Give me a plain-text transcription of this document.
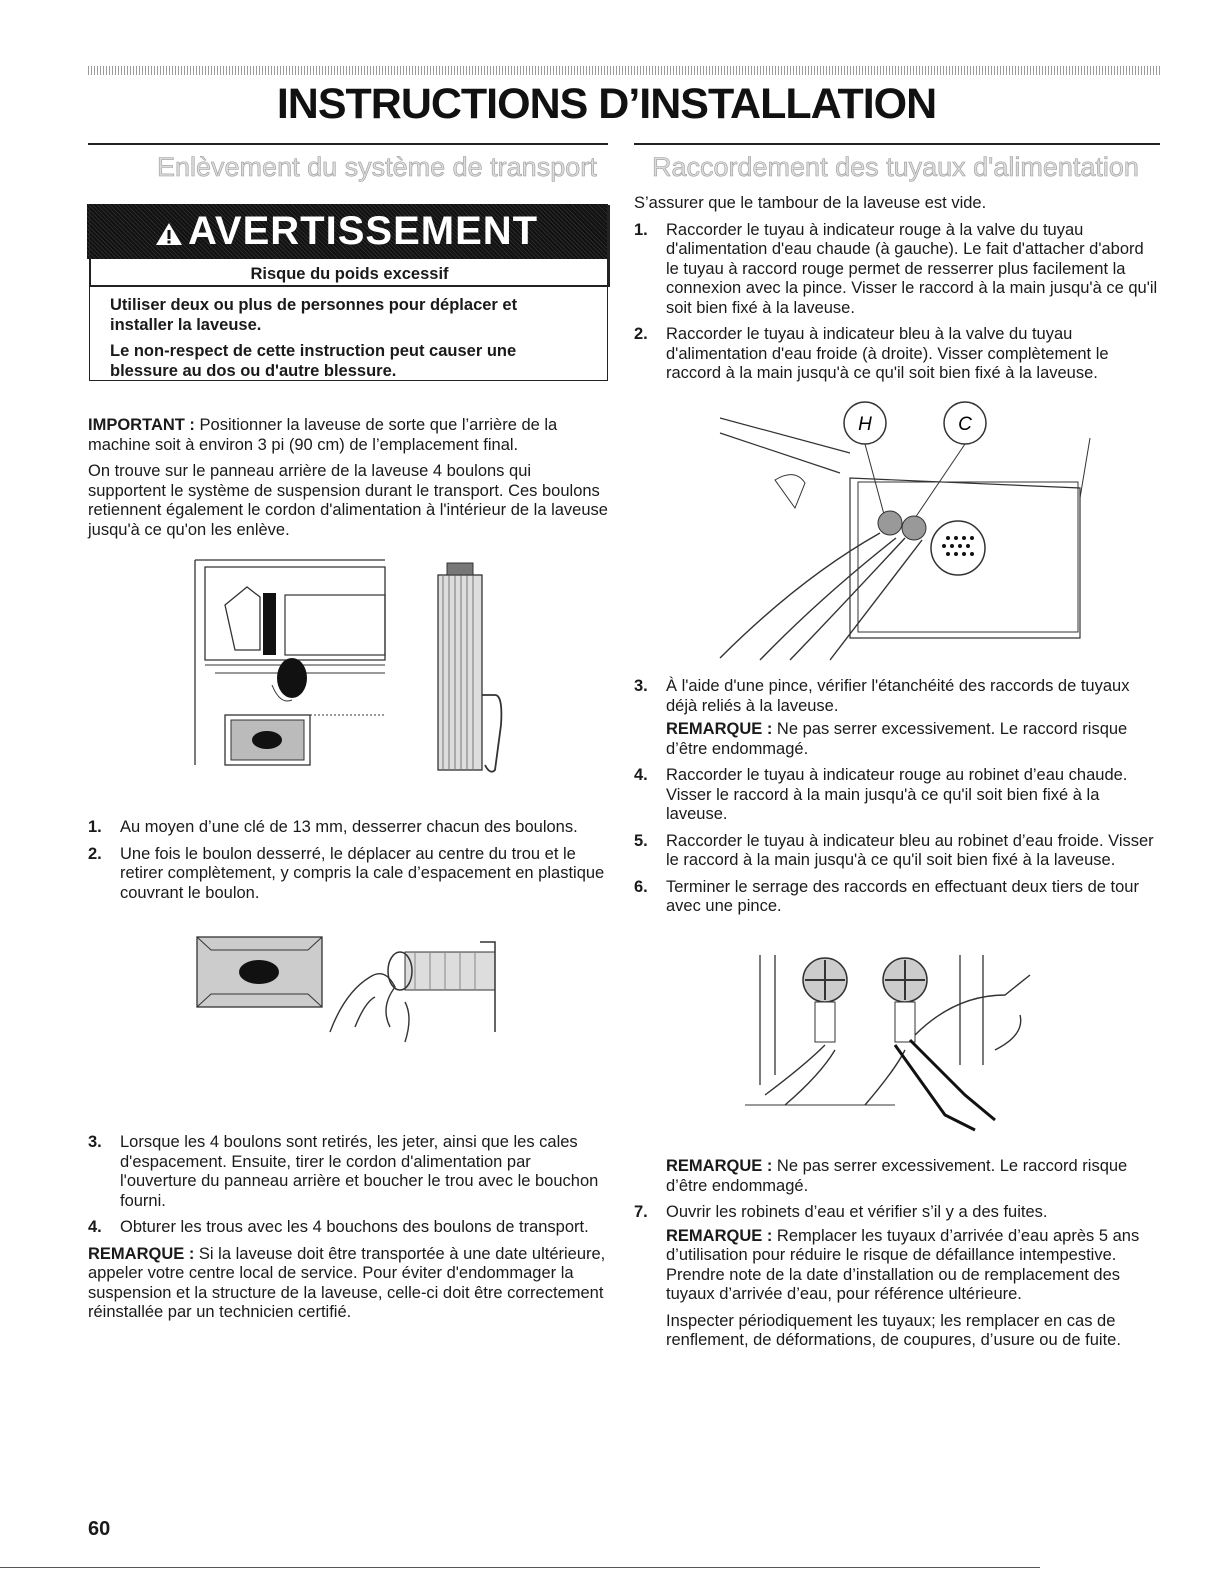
INSTRUCTIONS D’INSTALLATION
Enlèvement du système de transport
AVERTISSEMENT
Risque du poids excessif

Utiliser deux ou plus de personnes pour déplacer et installer la laveuse.

Le non-respect de cette instruction peut causer une blessure au dos ou d'autre blessure.

IMPORTANT : Positionner la laveuse de sorte que l’arrière de la machine soit à environ 3 pi (90 cm) de l’emplacement final.

On trouve sur le panneau arrière de la laveuse 4 boulons qui supportent le système de suspension durant le transport. Ces boulons retiennent également le cordon d'alimentation à l'intérieur de la laveuse jusqu'à ce qu'on les enlève.

1. Au moyen d’une clé de 13 mm, desserrer chacun des boulons.
2. Une fois le boulon desserré, le déplacer au centre du trou et le retirer complètement, y compris la cale d’espacement en plastique couvrant le boulon.
3. Lorsque les 4 boulons sont retirés, les jeter, ainsi que les cales d'espacement. Ensuite, tirer le cordon d'alimentation par l'ouverture du panneau arrière et boucher le trou avec le bouchon fourni.
4. Obturer les trous avec les 4 bouchons des boulons de transport.

REMARQUE : Si la laveuse doit être transportée à une date ultérieure, appeler votre centre local de service. Pour éviter d'endommager la suspension et la structure de la laveuse, celle-ci doit être correctement réinstallée par un technicien certifié.

Raccordement des tuyaux d'alimentation

S’assurer que le tambour de la laveuse est vide.

1. Raccorder le tuyau à indicateur rouge à la valve du tuyau d'alimentation d'eau chaude (à gauche). Le fait d'attacher d'abord le tuyau à raccord rouge permet de resserrer plus facilement la connexion avec la pince. Visser le raccord à la main jusqu'à ce qu'il soit bien fixé à la laveuse.
2. Raccorder le tuyau à indicateur bleu à la valve du tuyau d'alimentation d'eau froide (à droite). Visser complètement le raccord à la main jusqu'à ce qu'il soit bien fixé à la laveuse.
H	C
3. À l'aide d'une pince, vérifier l'étanchéité des raccords de tuyaux déjà reliés à la laveuse.
REMARQUE : Ne pas serrer excessivement. Le raccord risque d’être endommagé.
4. Raccorder le tuyau à indicateur rouge au robinet d’eau chaude. Visser le raccord à la main jusqu'à ce qu'il soit bien fixé à la laveuse.
5. Raccorder le tuyau à indicateur bleu au robinet d’eau froide. Visser le raccord à la main jusqu'à ce qu'il soit bien fixé à la laveuse.
6. Terminer le serrage des raccords en effectuant deux tiers de tour avec une pince.

REMARQUE : Ne pas serrer excessivement. Le raccord risque d’être endommagé.

7. Ouvrir les robinets d’eau et vérifier s’il y a des fuites.
REMARQUE : Remplacer les tuyaux d’arrivée d’eau après 5 ans d’utilisation pour réduire le risque de défaillance intempestive. Prendre note de la date d’installation ou de remplacement des tuyaux d’arrivée d’eau, pour référence ultérieure.
Inspecter périodiquement les tuyaux; les remplacer en cas de renflement, de déformations, de coupures, d’usure ou de fuite.
60
